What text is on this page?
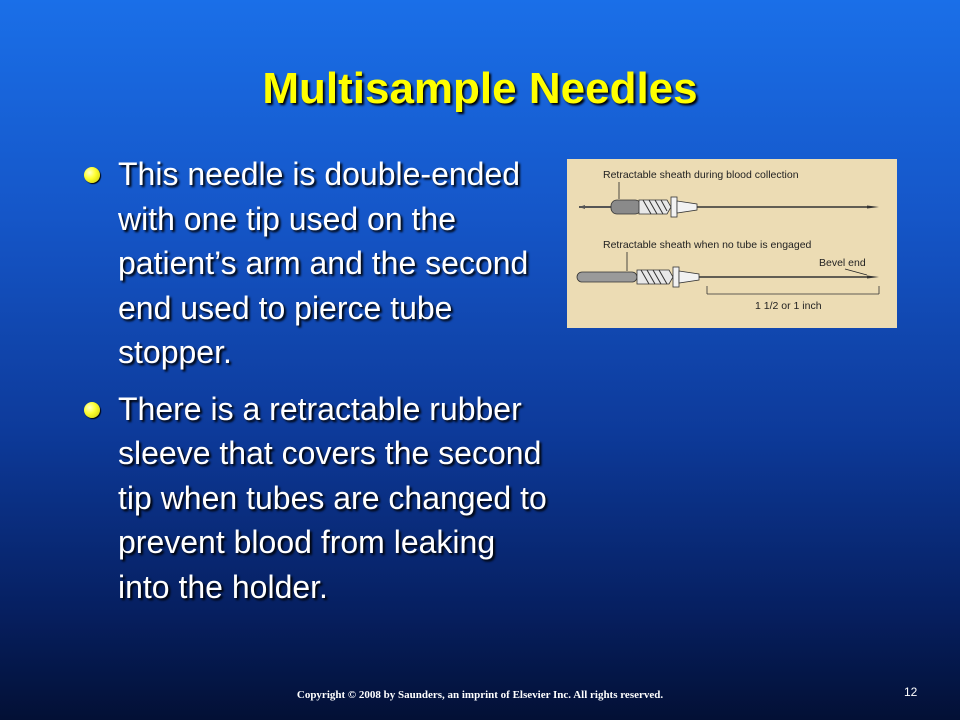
Multisample Needles
This needle is double-ended with one tip used on the patient’s arm and the second end used to pierce tube stopper.
There is a retractable rubber sleeve that covers the second tip when tubes are changed to prevent blood from leaking into the holder.
Retractable sheath during blood collection
Retractable sheath when no tube is engaged
Bevel end
1 1/2 or 1 inch
Copyright © 2008 by Saunders, an imprint of Elsevier Inc. All rights reserved.	12
